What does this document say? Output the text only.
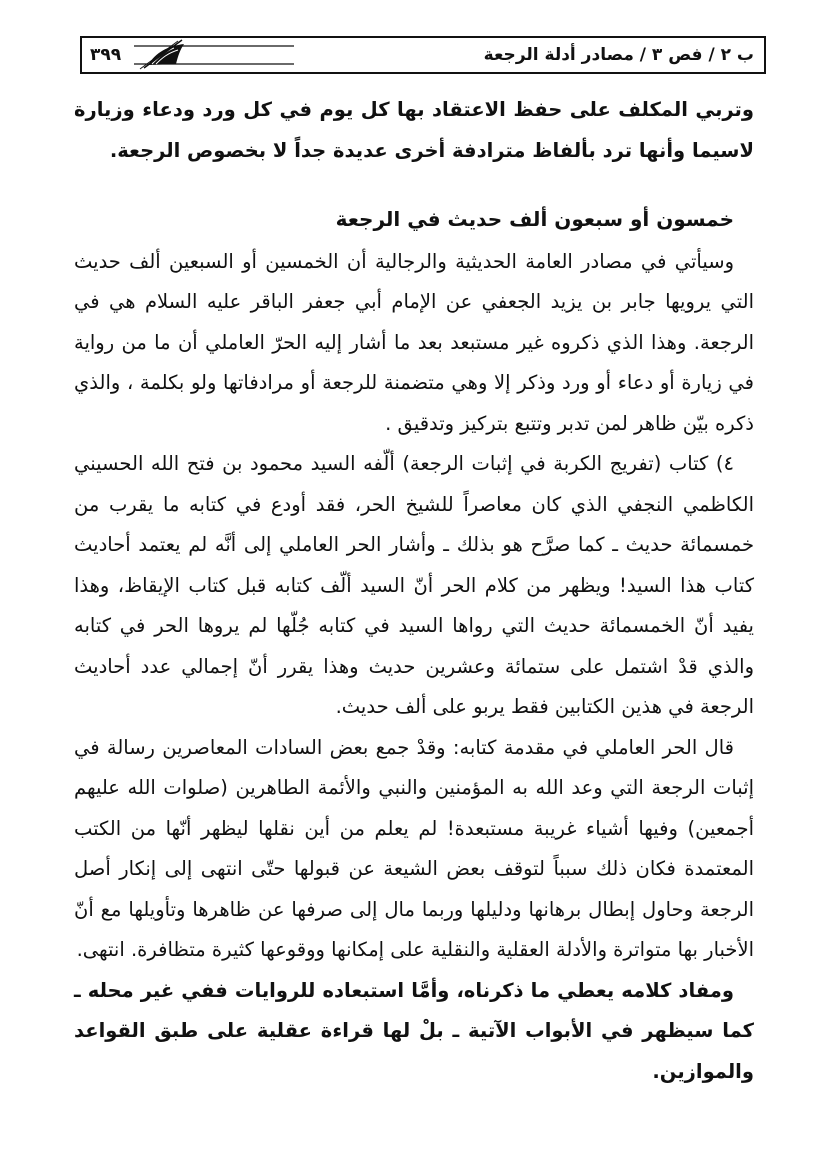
٣٩٩	ب ٢ / فص ٣ / مصادر أدلة الرجعة

وتربي المكلف على حفظ الاعتقاد بها كل يوم في كل ورد ودعاء وزيارة لاسيما وأنها ترد بألفاظ مترادفة أخرى عديدة جداً لا بخصوص الرجعة.

خمسون أو سبعون ألف حديث في الرجعة

وسيأتي في مصادر العامة الحديثية والرجالية أن الخمسين أو السبعين ألف حديث التي يرويها جابر بن يزيد الجعفي عن الإمام أبي جعفر الباقر عليه السلام هي في الرجعة. وهذا الذي ذكروه غير مستبعد بعد ما أشار إليه الحرّ العاملي أن ما من رواية في زيارة أو دعاء أو ورد وذكر إلا وهي متضمنة للرجعة أو مرادفاتها ولو بكلمة ، والذي ذكره بيّن ظاهر لمن تدبر وتتبع بتركيز وتدقيق .

٤) كتاب (تفريج الكربة في إثبات الرجعة) ألّفه السيد محمود بن فتح الله الحسيني الكاظمي النجفي الذي كان معاصراً للشيخ الحر، فقد أودع في كتابه ما يقرب من خمسمائة حديث ـ كما صرَّح هو بذلك ـ وأشار الحر العاملي إلى أنَّه لم يعتمد أحاديث كتاب هذا السيد! ويظهر من كلام الحر أنّ السيد ألّف كتابه قبل كتاب الإيقاظ، وهذا يفيد أنّ الخمسمائة حديث التي رواها السيد في كتابه جُلّها لم يروها الحر في كتابه والذي قدْ اشتمل على ستمائة وعشرين حديث وهذا يقرر أنّ إجمالي عدد أحاديث الرجعة في هذين الكتابين فقط يربو على ألف حديث.

قال الحر العاملي في مقدمة كتابه: وقدْ جمع بعض السادات المعاصرين رسالة في إثبات الرجعة التي وعد الله به المؤمنين والنبي والأئمة الطاهرين (صلوات الله عليهم أجمعين) وفيها أشياء غريبة مستبعدة! لم يعلم من أين نقلها ليظهر أنّها من الكتب المعتمدة فكان ذلك سبباً لتوقف بعض الشيعة عن قبولها حتّى انتهى إلى إنكار أصل الرجعة وحاول إبطال برهانها ودليلها وربما مال إلى صرفها عن ظاهرها وتأويلها مع أنّ الأخبار بها متواترة والأدلة العقلية والنقلية على إمكانها ووقوعها كثيرة متظافرة. انتهى.

ومفاد كلامه يعطي ما ذكرناه، وأمَّا استبعاده للروايات ففي غير محله ـ كما سيظهر في الأبواب الآتية ـ بلْ لها قراءة عقلية على طبق القواعد والموازين.
